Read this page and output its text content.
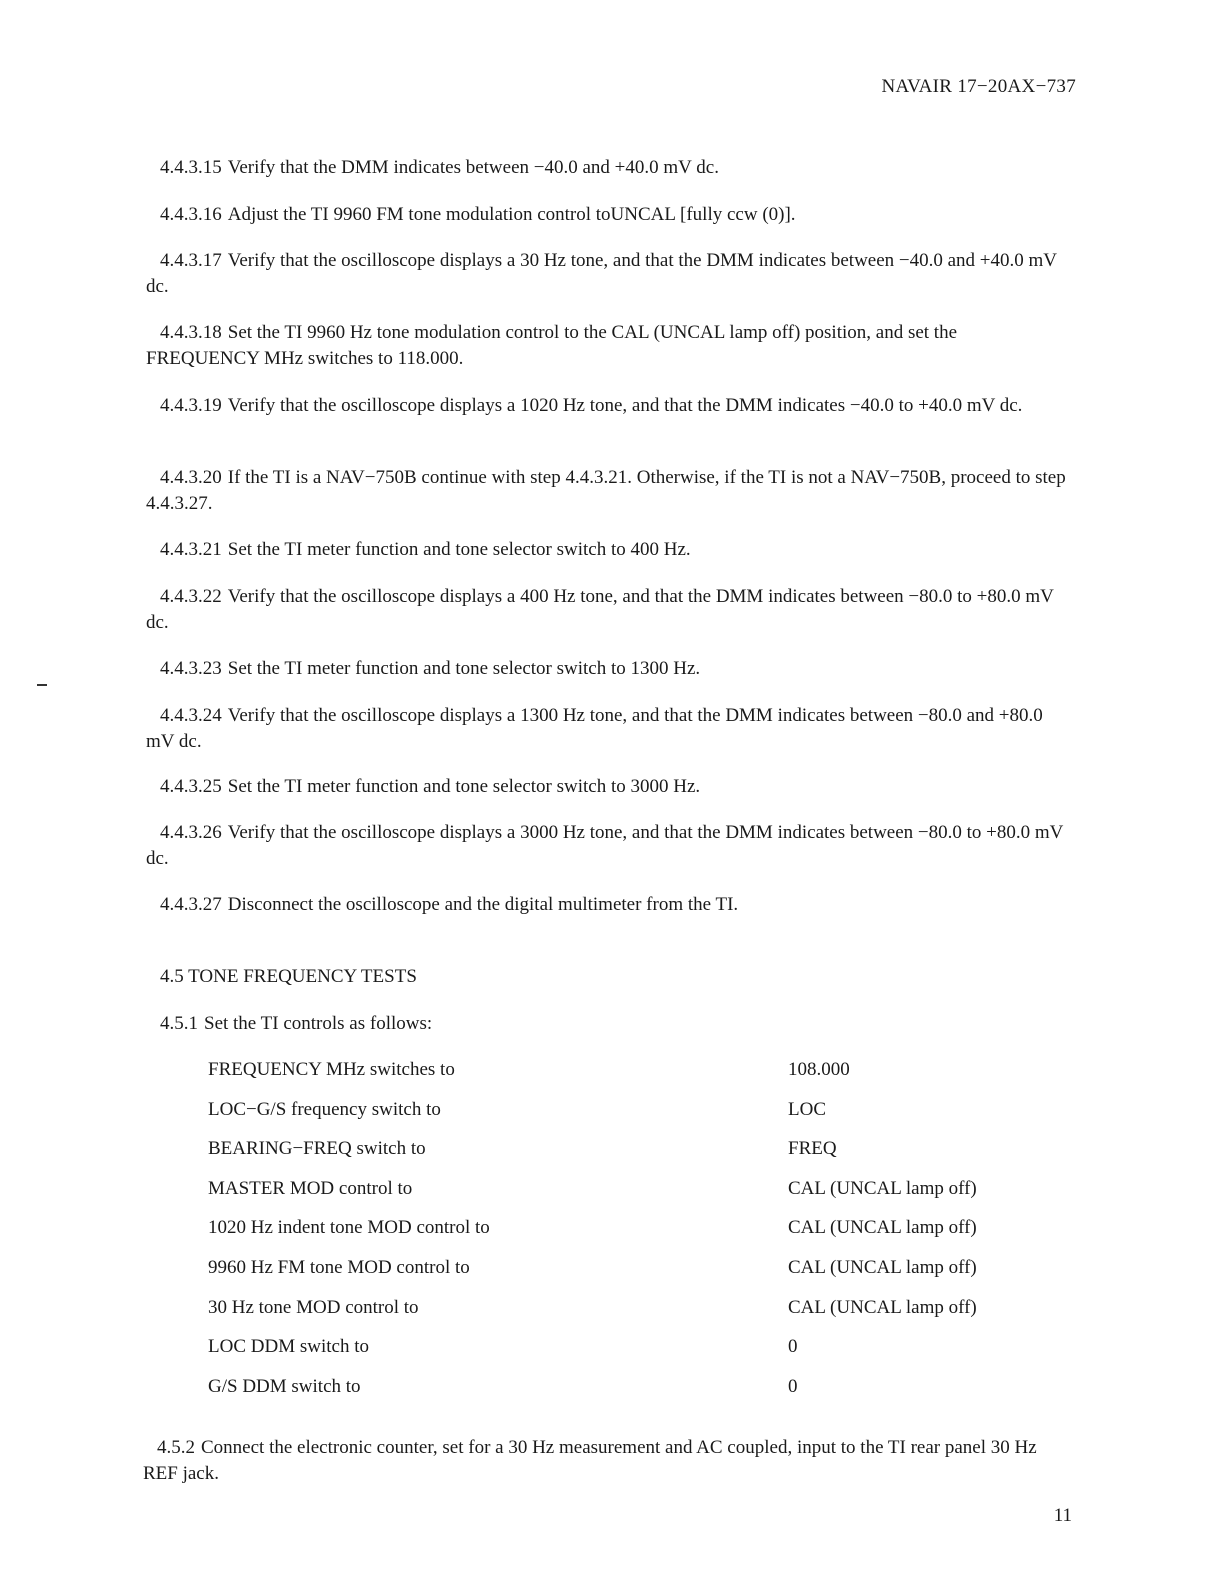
NAVAIR 17−20AX−737
4.4.3.15 Verify that the DMM indicates between −40.0 and +40.0 mV dc.
4.4.3.16 Adjust the TI 9960 FM tone modulation control toUNCAL [fully ccw (0)].
4.4.3.17 Verify that the oscilloscope displays a 30 Hz tone, and that the DMM indicates between −40.0 and +40.0 mV dc.
4.4.3.18 Set the TI 9960 Hz tone modulation control to the CAL (UNCAL lamp off) position, and set the FREQUENCY MHz switches to 118.000.
4.4.3.19 Verify that the oscilloscope displays a 1020 Hz tone, and that the DMM indicates −40.0 to +40.0 mV dc.
4.4.3.20 If the TI is a NAV−750B continue with step 4.4.3.21. Otherwise, if the TI is not a NAV−750B, proceed to step 4.4.3.27.
4.4.3.21 Set the TI meter function and tone selector switch to 400 Hz.
4.4.3.22 Verify that the oscilloscope displays a 400 Hz tone, and that the DMM indicates between −80.0 to +80.0 mV dc.
4.4.3.23 Set the TI meter function and tone selector switch to 1300 Hz.
4.4.3.24 Verify that the oscilloscope displays a 1300 Hz tone, and that the DMM indicates between −80.0 and +80.0 mV dc.
4.4.3.25 Set the TI meter function and tone selector switch to 3000 Hz.
4.4.3.26 Verify that the oscilloscope displays a 3000 Hz tone, and that the DMM indicates between −80.0 to +80.0 mV dc.
4.4.3.27 Disconnect the oscilloscope and the digital multimeter from the TI.
4.5 TONE FREQUENCY TESTS
4.5.1 Set the TI controls as follows:
FREQUENCY MHz switches to	108.000
LOC−G/S frequency switch to	LOC
BEARING−FREQ switch to	FREQ
MASTER MOD control to	CAL (UNCAL lamp off)
1020 Hz indent tone MOD control to	CAL (UNCAL lamp off)
9960 Hz FM tone MOD control to	CAL (UNCAL lamp off)
30 Hz tone MOD control to	CAL (UNCAL lamp off)
LOC DDM switch to	0
G/S DDM switch to	0
4.5.2 Connect the electronic counter, set for a 30 Hz measurement and AC coupled, input to the TI rear panel 30 Hz REF jack.
11
